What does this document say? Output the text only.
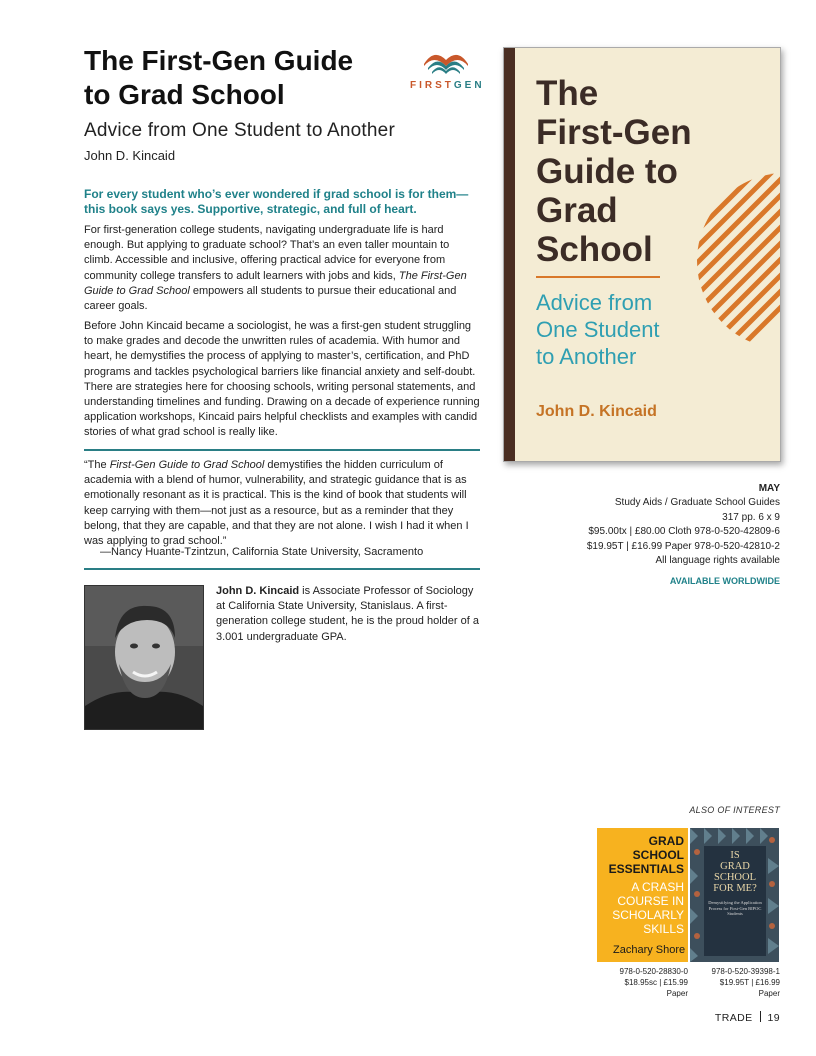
The First-Gen Guide
to Grad School
Advice from One Student to Another
John D. Kincaid
FIRSTGEN
For every student who’s ever wondered if grad school is for them—this book says yes. Supportive, strategic, and full of heart.
For first-generation college students, navigating undergraduate life is hard enough. But applying to graduate school? That’s an even taller mountain to climb. Accessible and inclusive, offering practical advice for everyone from community college transfers to adult learners with jobs and kids, The First-Gen Guide to Grad School empowers all students to pursue their educational and career goals.
Before John Kincaid became a sociologist, he was a first-gen student struggling to make grades and decode the unwritten rules of academia. With humor and heart, he demystifies the process of applying to master’s, certification, and PhD programs and tackles psychological barriers like financial anxiety and self-doubt. There are strategies here for choosing schools, writing personal statements, and understanding timelines and funding. Drawing on a decade of experience running application workshops, Kincaid pairs helpful checklists and examples with candid stories of what grad school is really like.
“The First-Gen Guide to Grad School demystifies the hidden curriculum of academia with a blend of humor, vulnerability, and strategic guidance that is as emotionally resonant as it is practical. This is the kind of book that students will keep carrying with them—not just as a resource, but as a reminder that they belong, that they are capable, and that they are not alone. I wish I had it when I was applying to grad school.”
—Nancy Huante-Tzintzun, California State University, Sacramento
John D. Kincaid is Associate Professor of Sociology at California State University, Stanislaus. A first-generation college student, he is the proud holder of a 3.001 undergraduate GPA.
The
First-Gen
Guide to
Grad
School
Advice from
One Student
to Another
John D. Kincaid
MAY
Study Aids / Graduate School Guides
317 pp. 6 x 9
$95.00tx | £80.00 Cloth 978-0-520-42809-6
$19.95T | £16.99 Paper 978-0-520-42810-2
All language rights available
AVAILABLE WORLDWIDE
ALSO OF INTEREST
GRAD
SCHOOL
ESSENTIALS
A CRASH
COURSE IN
SCHOLARLY
SKILLS
Zachary Shore
IS
GRAD
SCHOOL
FOR ME?
Demystifying the Application Process for First-Gen BIPOC Students
978-0-520-28830-0
$18.95sc | £15.99
Paper
978-0-520-39398-1
$19.95T | £16.99
Paper
TRADE 19
